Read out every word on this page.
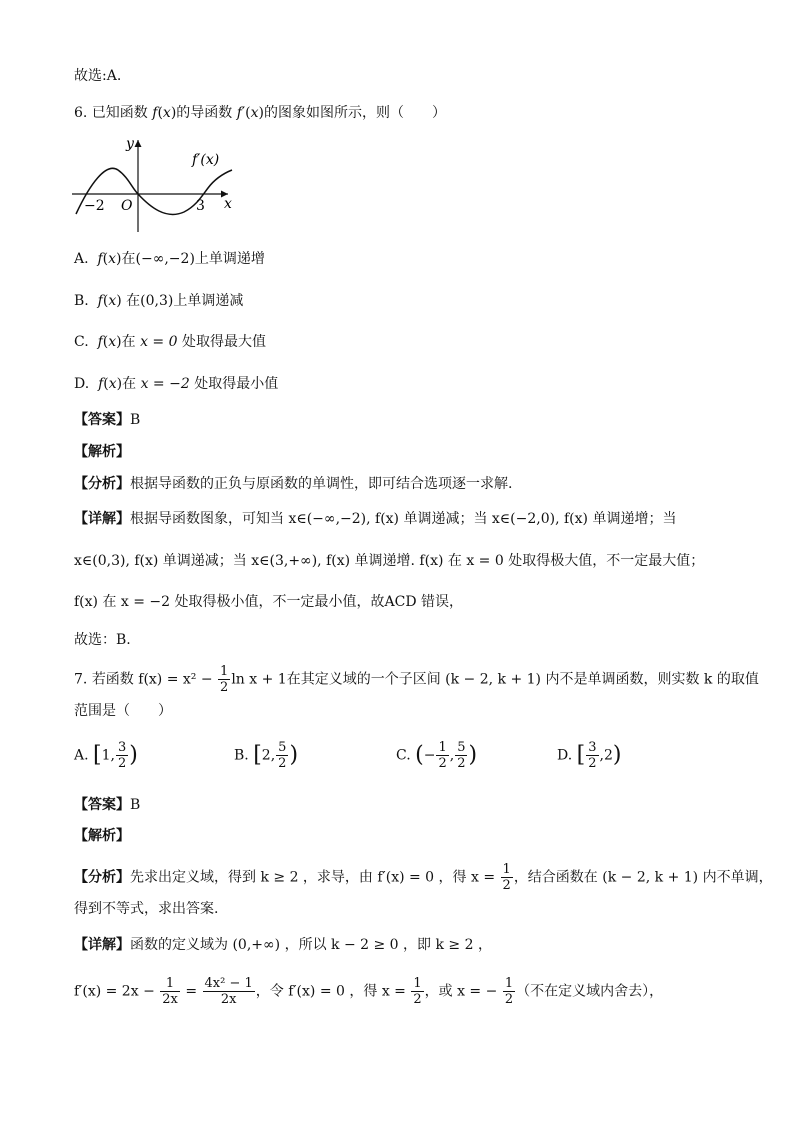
故选:A.
6. 已知函数 f(x)的导函数 f′(x)的图象如图所示，则（　　）
y
x
f′(x)
O
−2	3
A. f(x)在(−∞,−2)上单调递增
B. f(x) 在(0,3)上单调递减
C. f(x)在 x = 0 处取得最大值
D. f(x)在 x = −2 处取得最小值
【答案】B
【解析】
【分析】根据导函数的正负与原函数的单调性，即可结合选项逐一求解.
【详解】根据导函数图象，可知当 x∈(−∞,−2), f(x) 单调递减；当 x∈(−2,0), f(x) 单调递增；当
x∈(0,3), f(x) 单调递减；当 x∈(3,+∞), f(x) 单调递增. f(x) 在 x = 0 处取得极大值，不一定最大值；
f(x) 在 x = −2 处取得极小值，不一定最小值，故ACD 错误，
故选：B.
7. 若函数 $f(x) = x^2 - \frac{1}{2}$ ln x + 1在其定义域的一个子区间 (k − 2, k + 1) 内不是单调函数，则实数 k 的取值
范围是（　　）
A. [1, $\frac{3}{2}$ )	B. [2, $\frac{5}{2}$ )	C. (− $\frac{1}{2}$ , $\frac{5}{2}$ )	D. [ $\frac{3}{2} ,2$)
【答案】B
【解析】
【分析】先求出定义域，得到 k ≥ 2 ，求导，由 f′(x) = 0 ，得 $x = \frac{1}{2}$ ，结合函数在 (k − 2, k + 1) 内不单调，
得到不等式，求出答案.
【详解】函数的定义域为 (0,+∞) ，所以 k − 2 ≥ 0 ，即 k ≥ 2 ，
$f'(x) = 2x - \frac{1}{2x} = \frac{\text{4x² − 1}}{2x}$ ，令 f′(x) = 0 ，得 $x = \frac{1}{2}$ ，或 x = − $\frac{1}{2}$ （不在定义域内舍去），
